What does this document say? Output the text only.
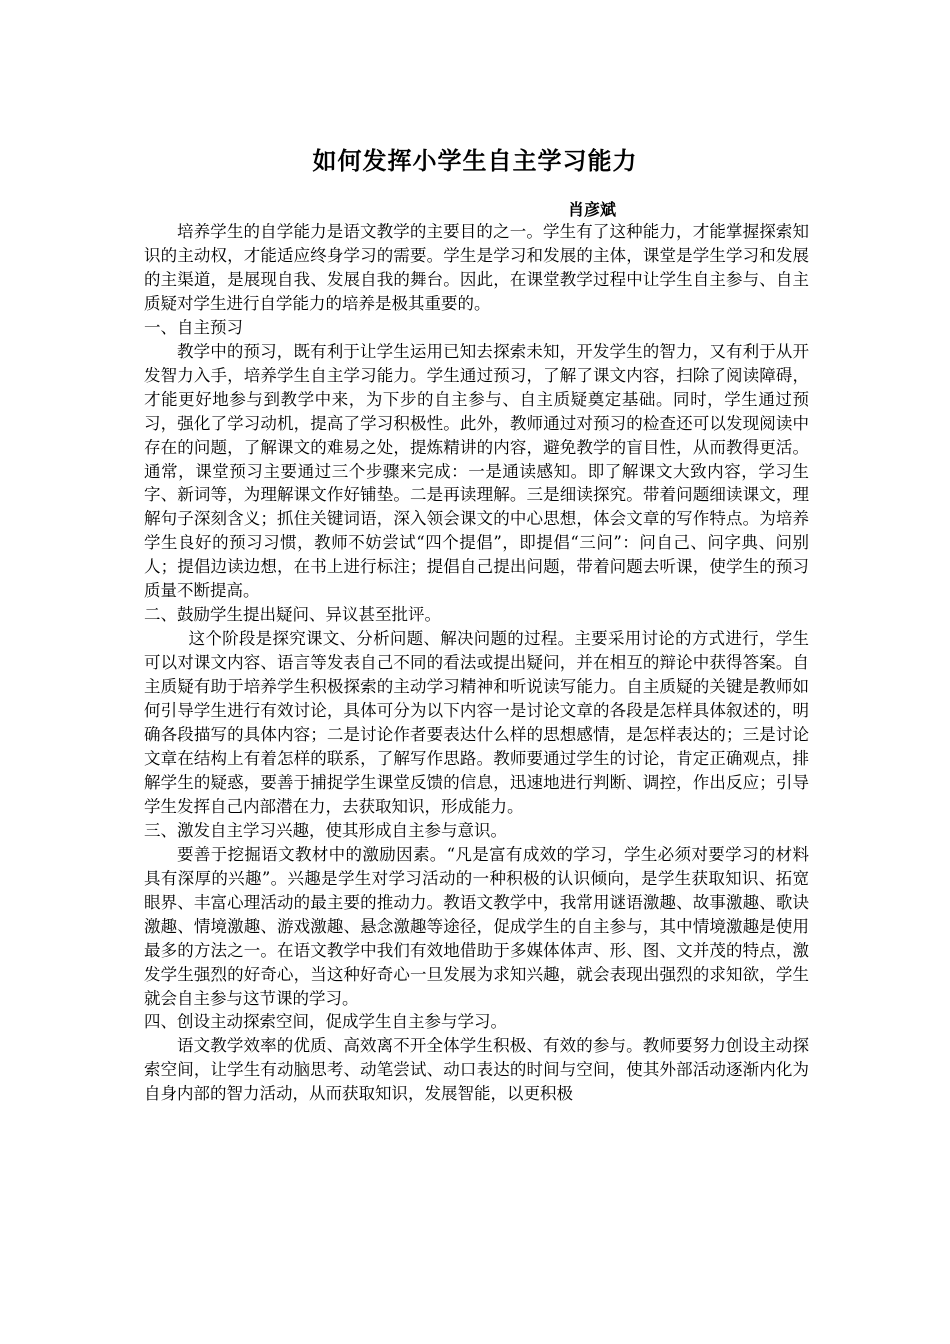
如何发挥小学生自主学习能力
肖彦斌

培养学生的自学能力是语文教学的主要目的之一。学生有了这种能力，才能掌握探索知识的主动权，才能适应终身学习的需要。学生是学习和发展的主体，课堂是学生学习和发展的主渠道，是展现自我、发展自我的舞台。因此，在课堂教学过程中让学生自主参与、自主质疑对学生进行自学能力的培养是极其重要的。

一、自主预习

教学中的预习，既有利于让学生运用已知去探索未知，开发学生的智力，又有利于从开发智力入手，培养学生自主学习能力。学生通过预习，了解了课文内容，扫除了阅读障碍，才能更好地参与到教学中来，为下步的自主参与、自主质疑奠定基础。同时，学生通过预习，强化了学习动机，提高了学习积极性。此外，教师通过对预习的检查还可以发现阅读中存在的问题，了解课文的难易之处，提炼精讲的内容，避免教学的盲目性，从而教得更活。通常，课堂预习主要通过三个步骤来完成：一是通读感知。即了解课文大致内容，学习生字、新词等，为理解课文作好铺垫。二是再读理解。三是细读探究。带着问题细读课文，理解句子深刻含义；抓住关键词语，深入领会课文的中心思想，体会文章的写作特点。为培养学生良好的预习习惯，教师不妨尝试“四个提倡”，即提倡“三问”：问自己、问字典、问别人；提倡边读边想，在书上进行标注；提倡自己提出问题，带着问题去听课，使学生的预习质量不断提高。

二、鼓励学生提出疑问、异议甚至批评。

这个阶段是探究课文、分析问题、解决问题的过程。主要采用讨论的方式进行，学生可以对课文内容、语言等发表自己不同的看法或提出疑问，并在相互的辩论中获得答案。自主质疑有助于培养学生积极探索的主动学习精神和听说读写能力。自主质疑的关键是教师如何引导学生进行有效讨论，具体可分为以下内容一是讨论文章的各段是怎样具体叙述的，明确各段描写的具体内容；二是讨论作者要表达什么样的思想感情，是怎样表达的；三是讨论文章在结构上有着怎样的联系，了解写作思路。教师要通过学生的讨论，肯定正确观点，排解学生的疑惑，要善于捕捉学生课堂反馈的信息，迅速地进行判断、调控，作出反应；引导学生发挥自己内部潜在力，去获取知识，形成能力。

三、激发自主学习兴趣，使其形成自主参与意识。

要善于挖掘语文教材中的激励因素。“凡是富有成效的学习，学生必须对要学习的材料具有深厚的兴趣”。兴趣是学生对学习活动的一种积极的认识倾向，是学生获取知识、拓宽眼界、丰富心理活动的最主要的推动力。教语文教学中，我常用谜语激趣、故事激趣、歌诀激趣、情境激趣、游戏激趣、悬念激趣等途径，促成学生的自主参与，其中情境激趣是使用最多的方法之一。在语文教学中我们有效地借助于多媒体体声、形、图、文并茂的特点，激发学生强烈的好奇心，当这种好奇心一旦发展为求知兴趣，就会表现出强烈的求知欲，学生就会自主参与这节课的学习。

四、创设主动探索空间，促成学生自主参与学习。

语文教学效率的优质、高效离不开全体学生积极、有效的参与。教师要努力创设主动探索空间，让学生有动脑思考、动笔尝试、动口表达的时间与空间，使其外部活动逐渐内化为自身内部的智力活动，从而获取知识，发展智能，以更积极
